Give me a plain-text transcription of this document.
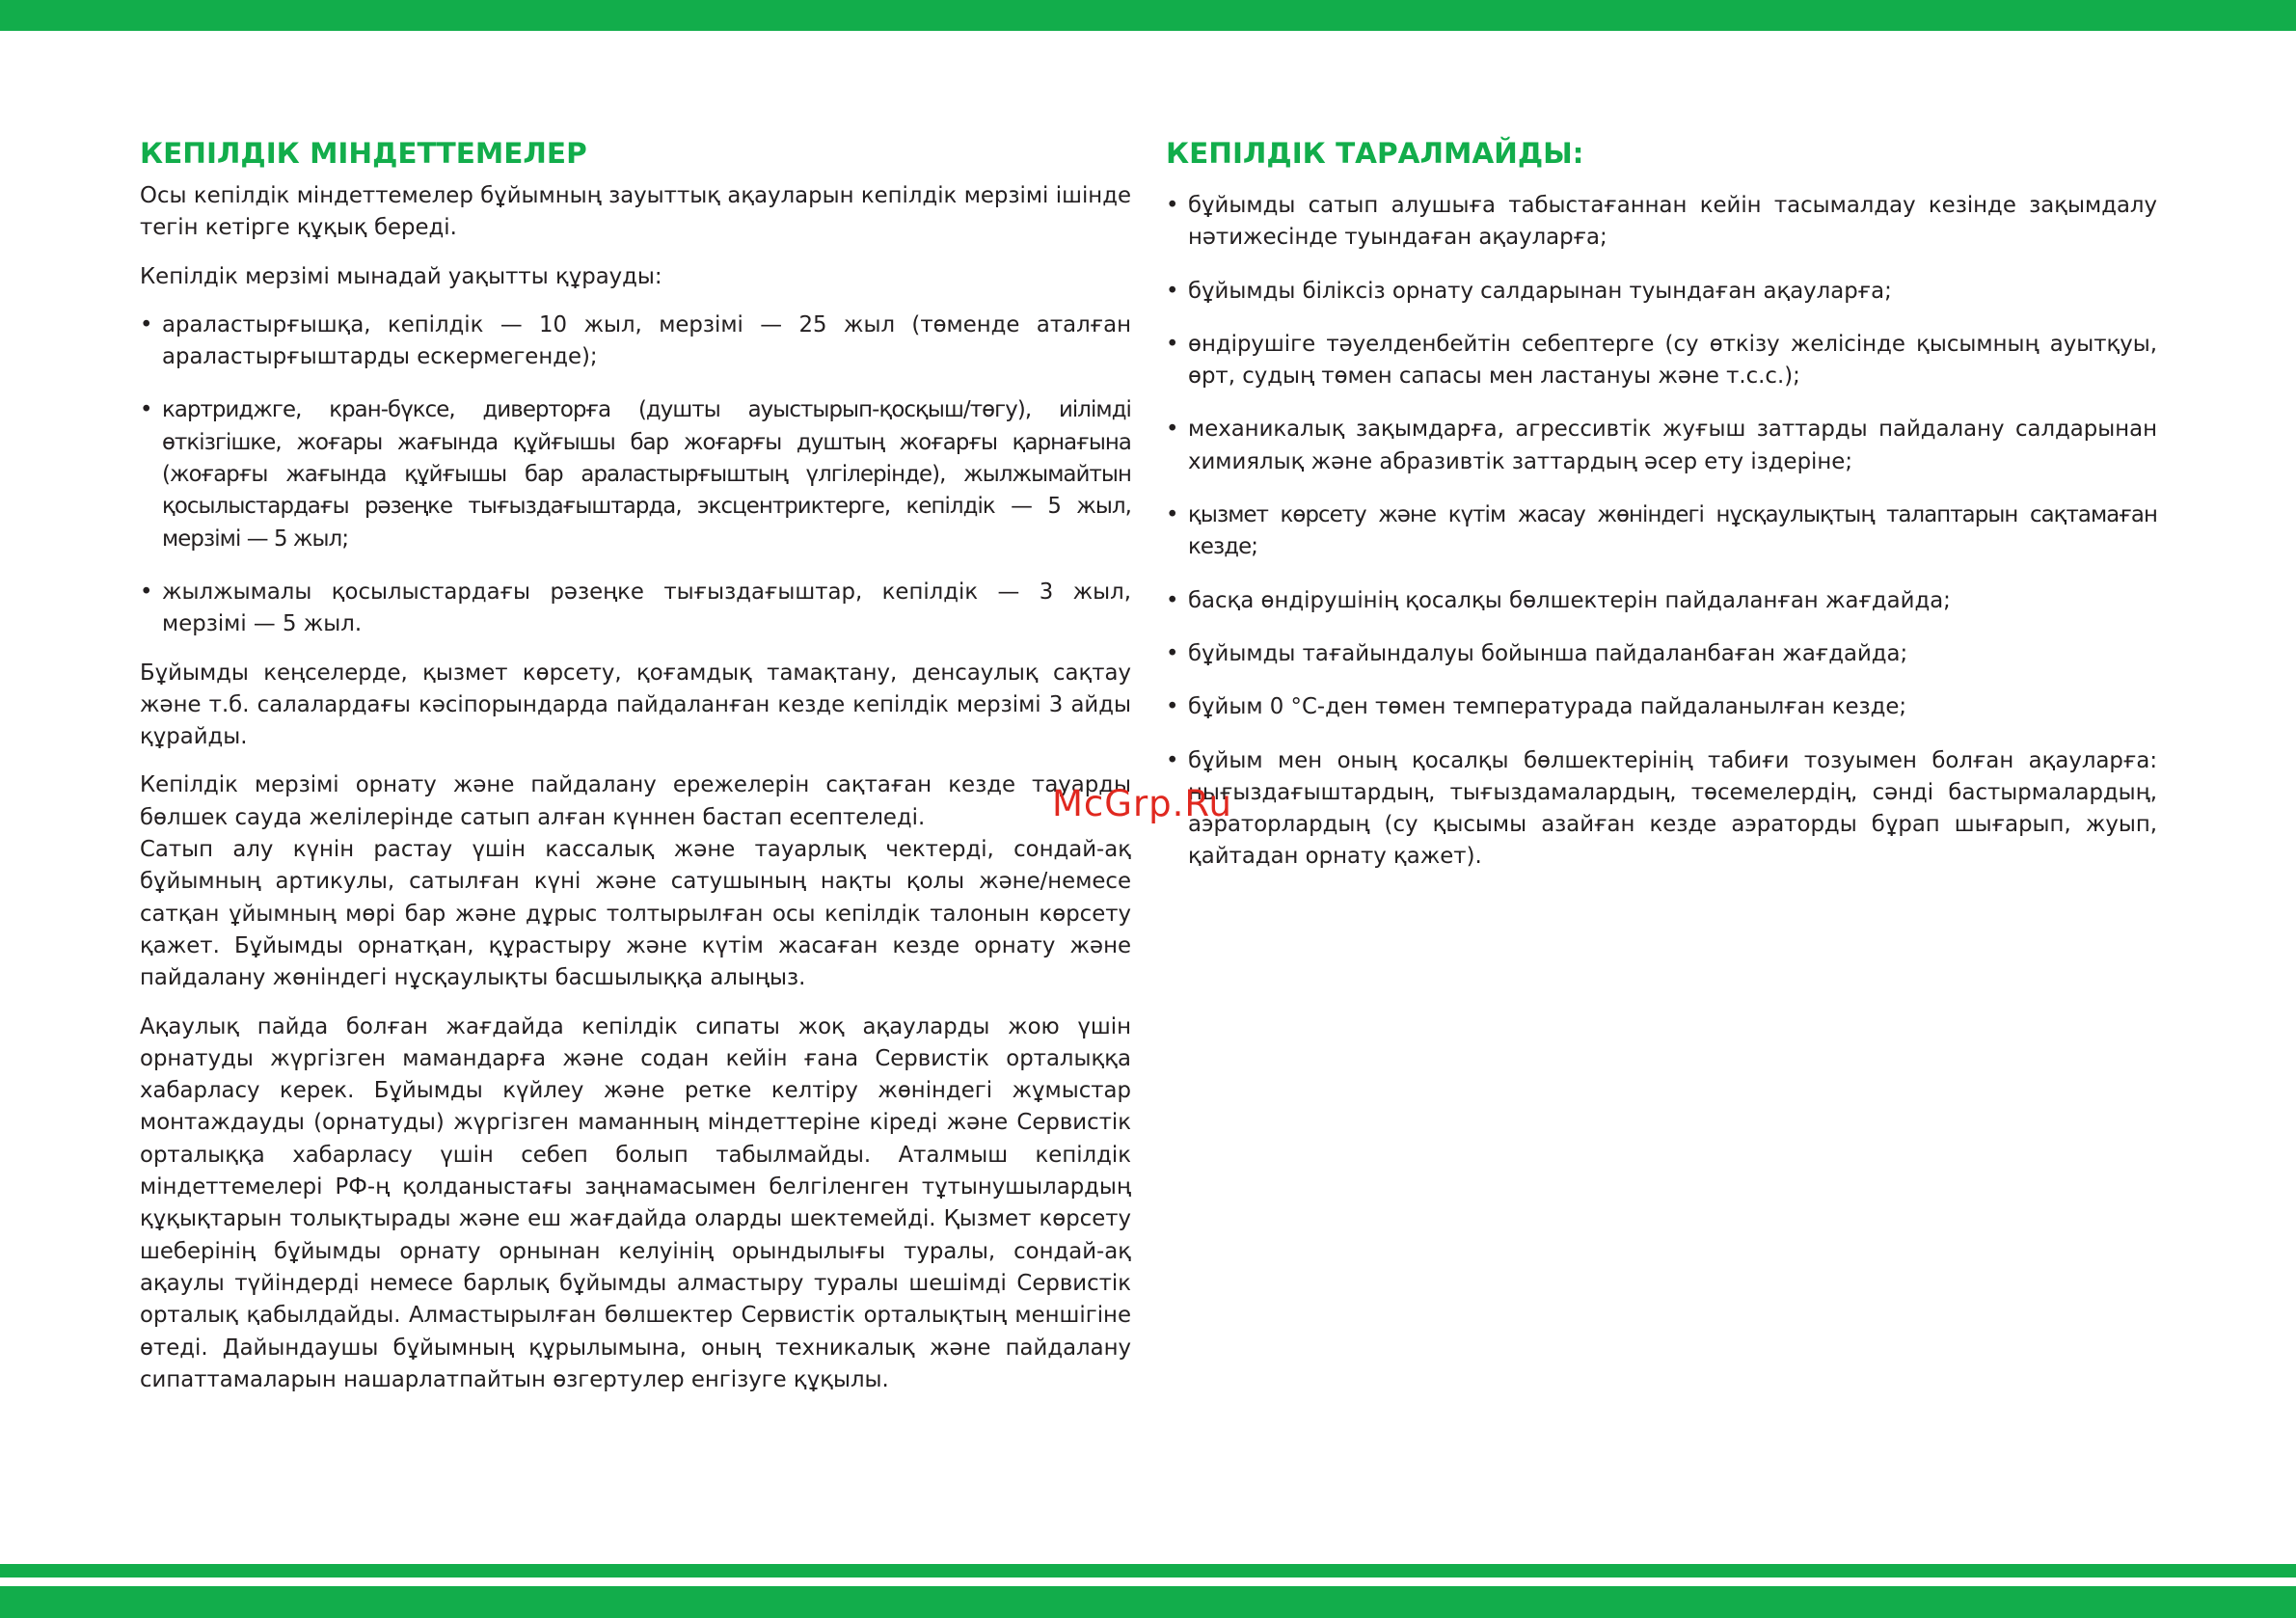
КЕПІЛДІК МІНДЕТТЕМЕЛЕР

Осы кепілдік міндеттемелер бұйымның зауыттық ақауларын кепілдік мерзімі ішінде тегін кетірге құқық береді.

Кепілдік мерзімі мынадай уақытты құрауды:

• араластырғышқа, кепілдік — 10 жыл, мерзімі — 25 жыл (төменде аталған араластырғыштарды ескермегенде);
• картриджге, кран-бүксе, диверторға (душты ауыстырып-қосқыш/төгу), иілімді өткізгішке, жоғары жағында құйғышы бар жоғарғы душтың жоғарғы қарнағына (жоғарғы жағында құйғышы бар араластырғыштың үлгілерінде), жылжымайтын қосылыстардағы рәзеңке тығыздағыштарда, эксцентриктерге, кепілдік — 5 жыл, мерзімі — 5 жыл;
• жылжымалы қосылыстардағы рәзеңке тығыздағыштар, кепілдік — 3 жыл, мерзімі — 5 жыл.

Бұйымды кеңселерде, қызмет көрсету, қоғамдық тамақтану, денсаулық сақтау және т.б. салалардағы кәсіпорындарда пайдаланған кезде кепілдік мерзімі 3 айды құрайды.

Кепілдік мерзімі орнату және пайдалану ережелерін сақтаған кезде тауарды бөлшек сауда желілерінде сатып алған күннен бастап есептеледі.

Сатып алу күнін растау үшін кассалық және тауарлық чектерді, сондай-ақ бұйымның артикулы, сатылған күні және сатушының нақты қолы және/немесе сатқан ұйымның мөрі бар және дұрыс толтырылған осы кепілдік талонын көрсету қажет. Бұйымды орнатқан, құрастыру және күтім жасаған кезде орнату және пайдалану жөніндегі нұсқаулықты басшылыққа алыңыз.

Ақаулық пайда болған жағдайда кепілдік сипаты жоқ ақауларды жою үшін орнатуды жүргізген мамандарға және содан кейін ғана Сервистік орталыққа хабарласу керек. Бұйымды күйлеу және ретке келтіру жөніндегі жұмыстар монтаждауды (орнатуды) жүргізген маманның міндеттеріне кіреді және Сервистік орталыққа хабарласу үшін себеп болып табылмайды. Аталмыш кепілдік міндеттемелері РФ-ң қолданыстағы заңнамасымен белгіленген тұтынушылардың құқықтарын толықтырады және еш жағдайда оларды шектемейді. Қызмет көрсету шеберінің бұйымды орнату орнынан келуінің орындылығы туралы, сондай-ақ ақаулы түйіндерді немесе барлық бұйымды алмастыру туралы шешімді Сервистік орталық қабылдайды. Алмастырылған бөлшектер Сервистік орталықтың меншігіне өтеді. Дайындаушы бұйымның құрылымына, оның техникалық және пайдалану сипаттамаларын нашарлатпайтын өзгертулер енгізуге құқылы.

КЕПІЛДІК ТАРАЛМАЙДЫ:
• бұйымды сатып алушыға табыстағаннан кейін тасымалдау кезінде зақымдалу нәтижесінде туындаған ақауларға;
• бұйымды біліксіз орнату салдарынан туындаған ақауларға;
• өндірушіге тәуелденбейтін себептерге (су өткізу желісінде қысымның ауытқуы, өрт, судың төмен сапасы мен ластануы және т.с.с.);
• механикалық зақымдарға, агрессивтік жуғыш заттарды пайдалану салдарынан химиялық және абразивтік заттардың әсер ету іздеріне;
• қызмет көрсету және күтім жасау жөніндегі нұсқаулықтың талаптарын сақтамаған кезде;
• басқа өндірушінің қосалқы бөлшектерін пайдаланған жағдайда;
• бұйымды тағайындалуы бойынша пайдаланбаған жағдайда;
• бұйым 0 °С-ден төмен температурада пайдаланылған кезде;
• бұйым мен оның қосалқы бөлшектерінің табиғи тозуымен болған ақауларға: нығыздағыштардың, тығыздамалардың, төсемелердің, сәнді бастырмалардың, аэраторлардың (су қысымы азайған кезде аэраторды бұрап шығарып, жуып, қайтадан орнату қажет).
McGrp.Ru
